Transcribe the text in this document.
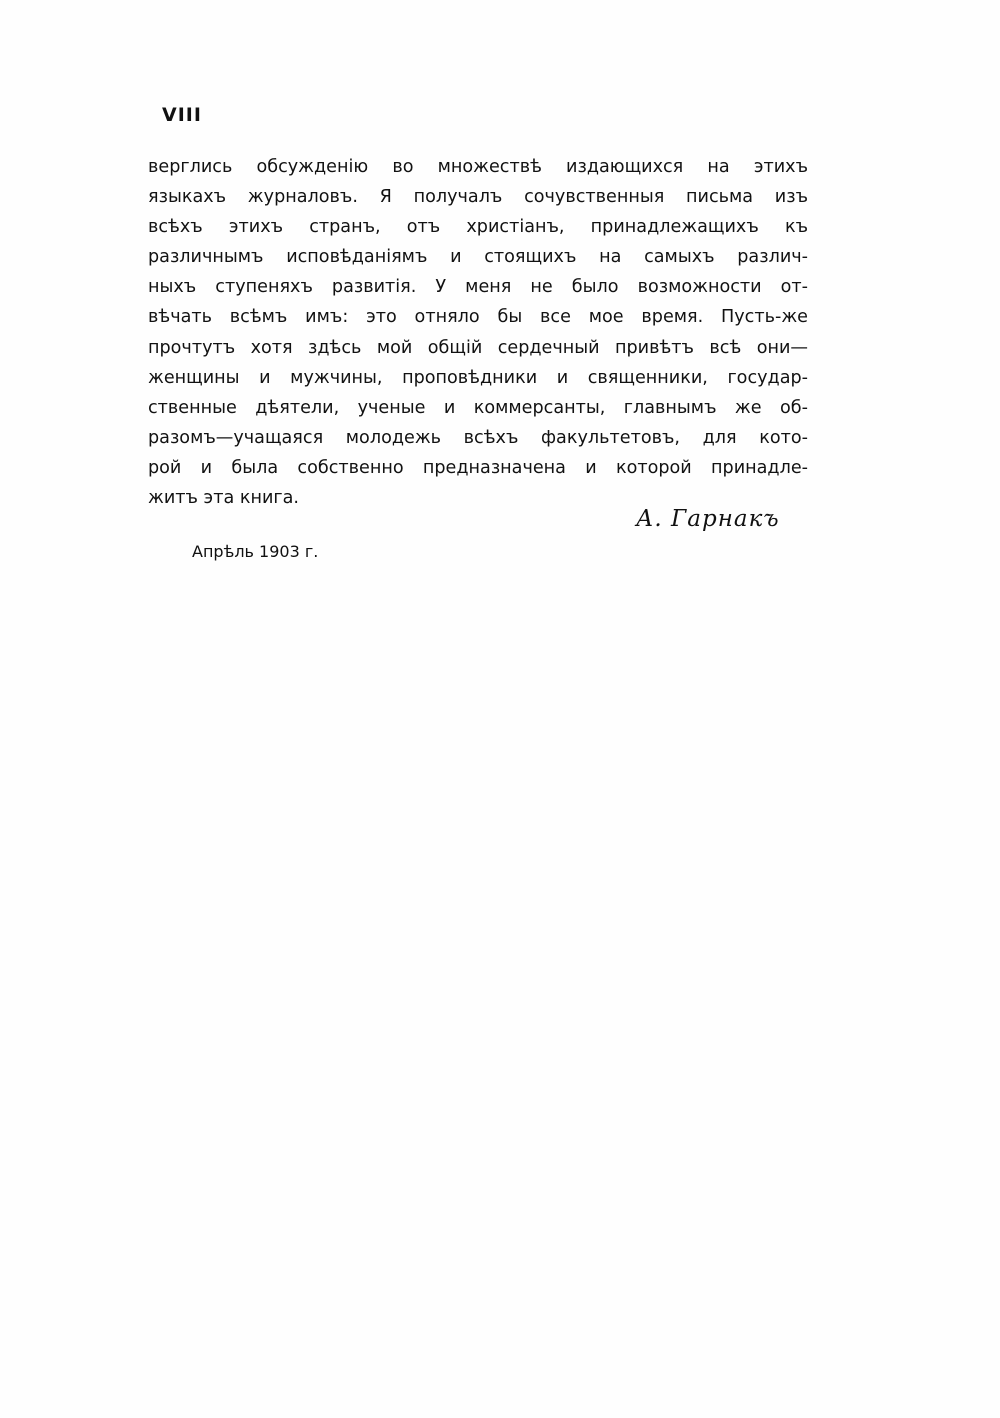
VIII
верглись обсужденію во множествѣ издающихся на этихъ
языкахъ журналовъ. Я получалъ сочувственныя письма изъ
всѣхъ этихъ странъ, отъ христіанъ, принадлежащихъ къ
различнымъ исповѣданіямъ и стоящихъ на самыхъ различ-
ныхъ ступеняхъ развитія. У меня не было возможности от-
вѣчать всѣмъ имъ: это отняло бы все мое время. Пусть-же
прочтутъ хотя здѣсь мой общій сердечный привѣтъ всѣ они—
женщины и мужчины, проповѣдники и священники, государ-
ственные дѣятели, ученые и коммерсанты, главнымъ же об-
разомъ—учащаяся молодежь всѣхъ факультетовъ, для кото-
рой и была собственно предназначена и которой принадле-
житъ эта книга.
А. Гарнакъ
Апрѣль 1903 г.
